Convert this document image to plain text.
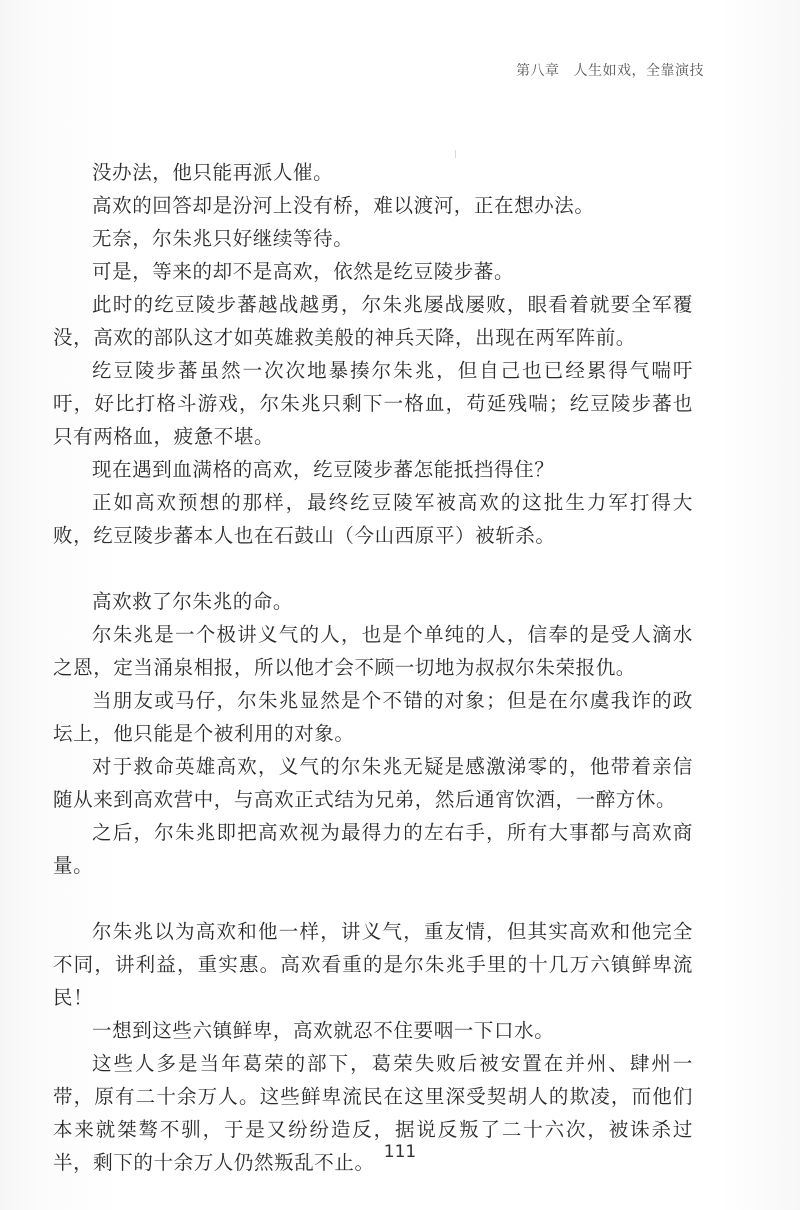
第八章 人生如戏，全靠演技

没办法，他只能再派人催。

高欢的回答却是汾河上没有桥，难以渡河，正在想办法。

无奈，尔朱兆只好继续等待。

可是，等来的却不是高欢，依然是纥豆陵步蕃。

此时的纥豆陵步蕃越战越勇，尔朱兆屡战屡败，眼看着就要全军覆没，高欢的部队这才如英雄救美般的神兵天降，出现在两军阵前。

纥豆陵步蕃虽然一次次地暴揍尔朱兆，但自己也已经累得气喘吁吁，好比打格斗游戏，尔朱兆只剩下一格血，苟延残喘；纥豆陵步蕃也只有两格血，疲惫不堪。

现在遇到血满格的高欢，纥豆陵步蕃怎能抵挡得住？

正如高欢预想的那样，最终纥豆陵军被高欢的这批生力军打得大败，纥豆陵步蕃本人也在石鼓山（今山西原平）被斩杀。

高欢救了尔朱兆的命。

尔朱兆是一个极讲义气的人，也是个单纯的人，信奉的是受人滴水之恩，定当涌泉相报，所以他才会不顾一切地为叔叔尔朱荣报仇。

当朋友或马仔，尔朱兆显然是个不错的对象；但是在尔虞我诈的政坛上，他只能是个被利用的对象。

对于救命英雄高欢，义气的尔朱兆无疑是感激涕零的，他带着亲信随从来到高欢营中，与高欢正式结为兄弟，然后通宵饮酒，一醉方休。

之后，尔朱兆即把高欢视为最得力的左右手，所有大事都与高欢商量。

尔朱兆以为高欢和他一样，讲义气，重友情，但其实高欢和他完全不同，讲利益，重实惠。高欢看重的是尔朱兆手里的十几万六镇鲜卑流民！

一想到这些六镇鲜卑，高欢就忍不住要咽一下口水。

这些人多是当年葛荣的部下，葛荣失败后被安置在并州、肆州一带，原有二十余万人。这些鲜卑流民在这里深受契胡人的欺凌，而他们本来就桀骜不驯，于是又纷纷造反，据说反叛了二十六次，被诛杀过半，剩下的十余万人仍然叛乱不止。 111
